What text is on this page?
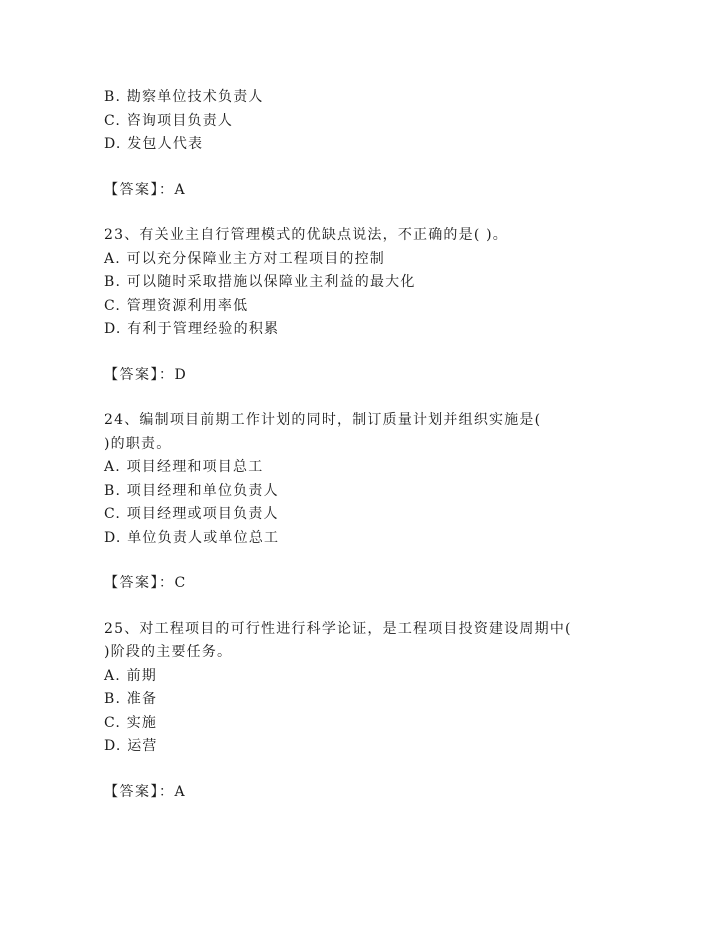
B. 勘察单位技术负责人
C. 咨询项目负责人
D. 发包人代表
【答案】：A
23、有关业主自行管理模式的优缺点说法，不正确的是( )。
A. 可以充分保障业主方对工程项目的控制
B. 可以随时采取措施以保障业主利益的最大化
C. 管理资源利用率低
D. 有利于管理经验的积累
【答案】：D
24、编制项目前期工作计划的同时，制订质量计划并组织实施是(
)的职责。
A. 项目经理和项目总工
B. 项目经理和单位负责人
C. 项目经理或项目负责人
D. 单位负责人或单位总工
【答案】：C
25、对工程项目的可行性进行科学论证，是工程项目投资建设周期中(
)阶段的主要任务。
A. 前期
B. 准备
C. 实施
D. 运营
【答案】：A
